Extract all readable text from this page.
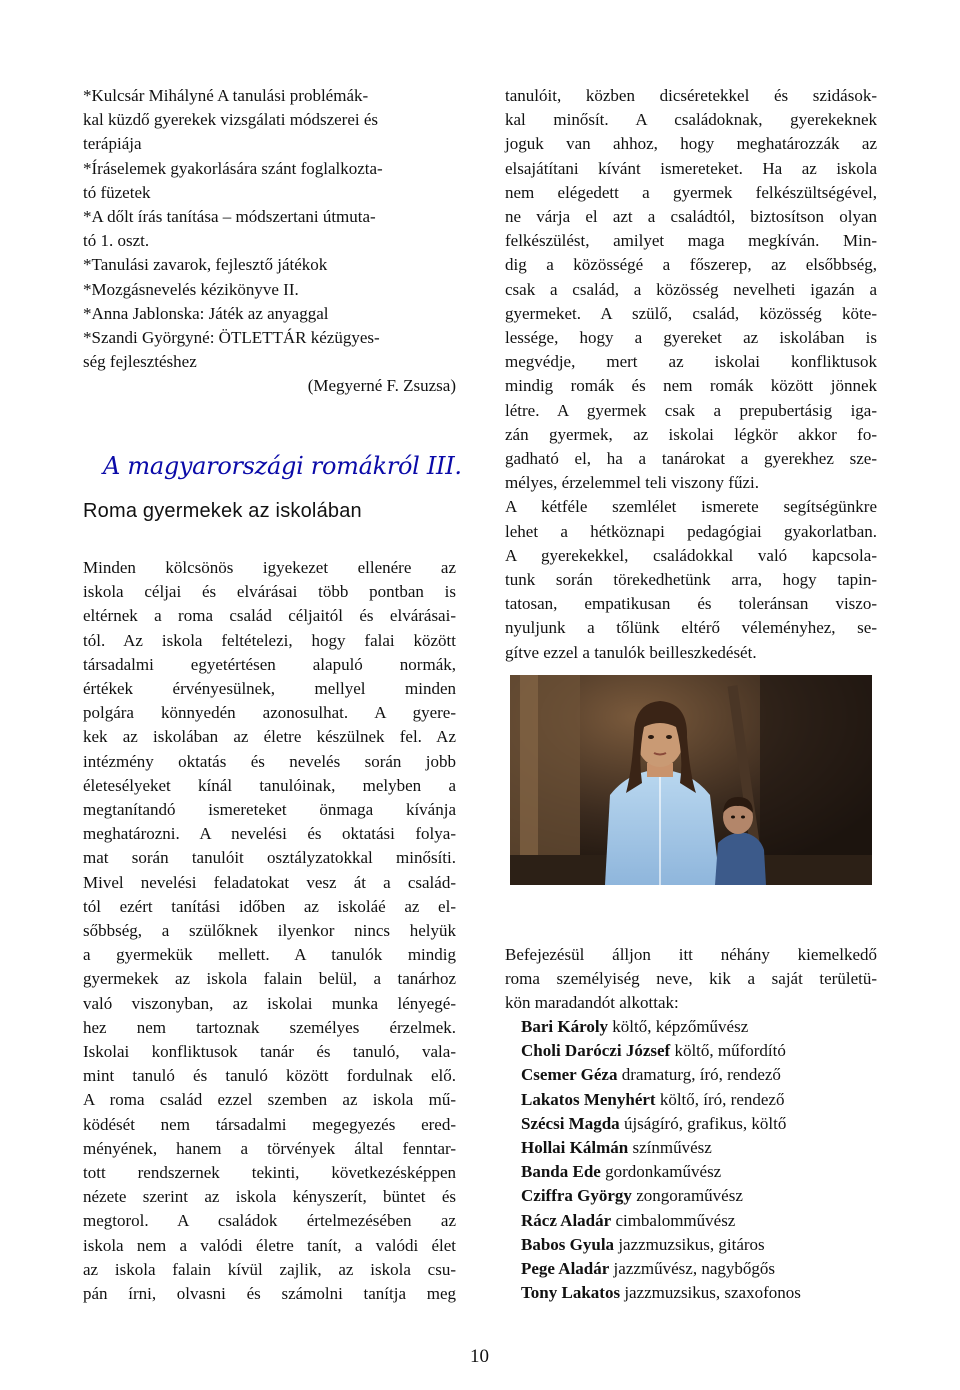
*Kulcsár Mihályné A tanulási problémák-
kal küzdő gyerekek vizsgálati módszerei és
terápiája
*Íráselemek gyakorlására szánt foglalkozta-
tó füzetek
*A dőlt írás tanítása – módszertani útmuta-
tó 1. oszt.
*Tanulási zavarok, fejlesztő játékok
*Mozgásnevelés kézikönyve II.
*Anna Jablonska: Játék az anyaggal
*Szandi Györgyné: ÖTLETTÁR kézügyes-
ség fejlesztéshez
(Megyerné F. Zsuzsa)
A magyarországi romákról III.
Roma gyermekek az iskolában
Minden kölcsönös igyekezet ellenére az
iskola céljai és elvárásai több pontban is
eltérnek a roma család céljaitól és elvárásai-
tól. Az iskola feltételezi, hogy falai között
társadalmi egyetértésen alapuló normák,
értékek érvényesülnek, mellyel minden
polgára könnyedén azonosulhat. A gyere-
kek az iskolában az életre készülnek fel. Az
intézmény oktatás és nevelés során jobb
életesélyeket kínál tanulóinak, melyben a
megtanítandó ismereteket önmaga kívánja
meghatározni. A nevelési és oktatási folya-
mat során tanulóit osztályzatokkal minősíti.
Mivel nevelési feladatokat vesz át a család-
tól ezért tanítási időben az iskoláé az el-
sőbbség, a szülőknek ilyenkor nincs helyük
a gyermekük mellett. A tanulók mindig
gyermekek az iskola falain belül, a tanárhoz
való viszonyban, az iskolai munka lényegé-
hez nem tartoznak személyes érzelmek.
Iskolai konfliktusok tanár és tanuló, vala-
mint tanuló és tanuló között fordulnak elő.
A roma család ezzel szemben az iskola mű-
ködését nem társadalmi megegyezés ered-
ményének, hanem a törvények által fenntar-
tott rendszernek tekinti, következésképpen
nézete szerint az iskola kényszerít, büntet és
megtorol. A családok értelmezésében az
iskola nem a valódi életre tanít, a valódi élet
az iskola falain kívül zajlik, az iskola csu-
pán írni, olvasni és számolni tanítja meg
tanulóit, közben dicséretekkel és szidások-
kal minősít. A családoknak, gyerekeknek
joguk van ahhoz, hogy meghatározzák az
elsajátítani kívánt ismereteket. Ha az iskola
nem elégedett a gyermek felkészültségével,
ne várja el azt a családtól, biztosítson olyan
felkészülést, amilyet maga megkíván. Min-
dig a közösségé a főszerep, az elsőbbség,
csak a család, a közösség nevelheti igazán a
gyermeket. A szülő, család, közösség köte-
lessége, hogy a gyereket az iskolában is
megvédje, mert az iskolai konfliktusok
mindig romák és nem romák között jönnek
létre. A gyermek csak a prepubertásig iga-
zán gyermek, az iskolai légkör akkor fo-
gadható el, ha a tanárokat a gyerekhez sze-
mélyes, érzelemmel teli viszony fűzi.
A kétféle szemlélet ismerete segítségünkre
lehet a hétköznapi pedagógiai gyakorlatban.
A gyerekekkel, családokkal való kapcsola-
tunk során törekedhetünk arra, hogy tapin-
tatosan, empatikusan és toleránsan viszo-
nyuljunk a tőlünk eltérő véleményhez, se-
gítve ezzel a tanulók beilleszkedését.
Befejezésül álljon itt néhány kiemelkedő
roma személyiség neve, kik a saját területü-
kön maradandót alkottak:
Bari Károly költő, képzőművész
Choli Daróczi József költő, műfordító
Csemer Géza dramaturg, író, rendező
Lakatos Menyhért költő, író, rendező
Szécsi Magda újságíró, grafikus, költő
Hollai Kálmán színművész
Banda Ede gordonkaművész
Cziffra György zongoraművész
Rácz Aladár cimbalomművész
Babos Gyula jazzmuzsikus, gitáros
Pege Aladár jazzművész, nagybőgős
Tony Lakatos jazzmuzsikus, szaxofonos
10
